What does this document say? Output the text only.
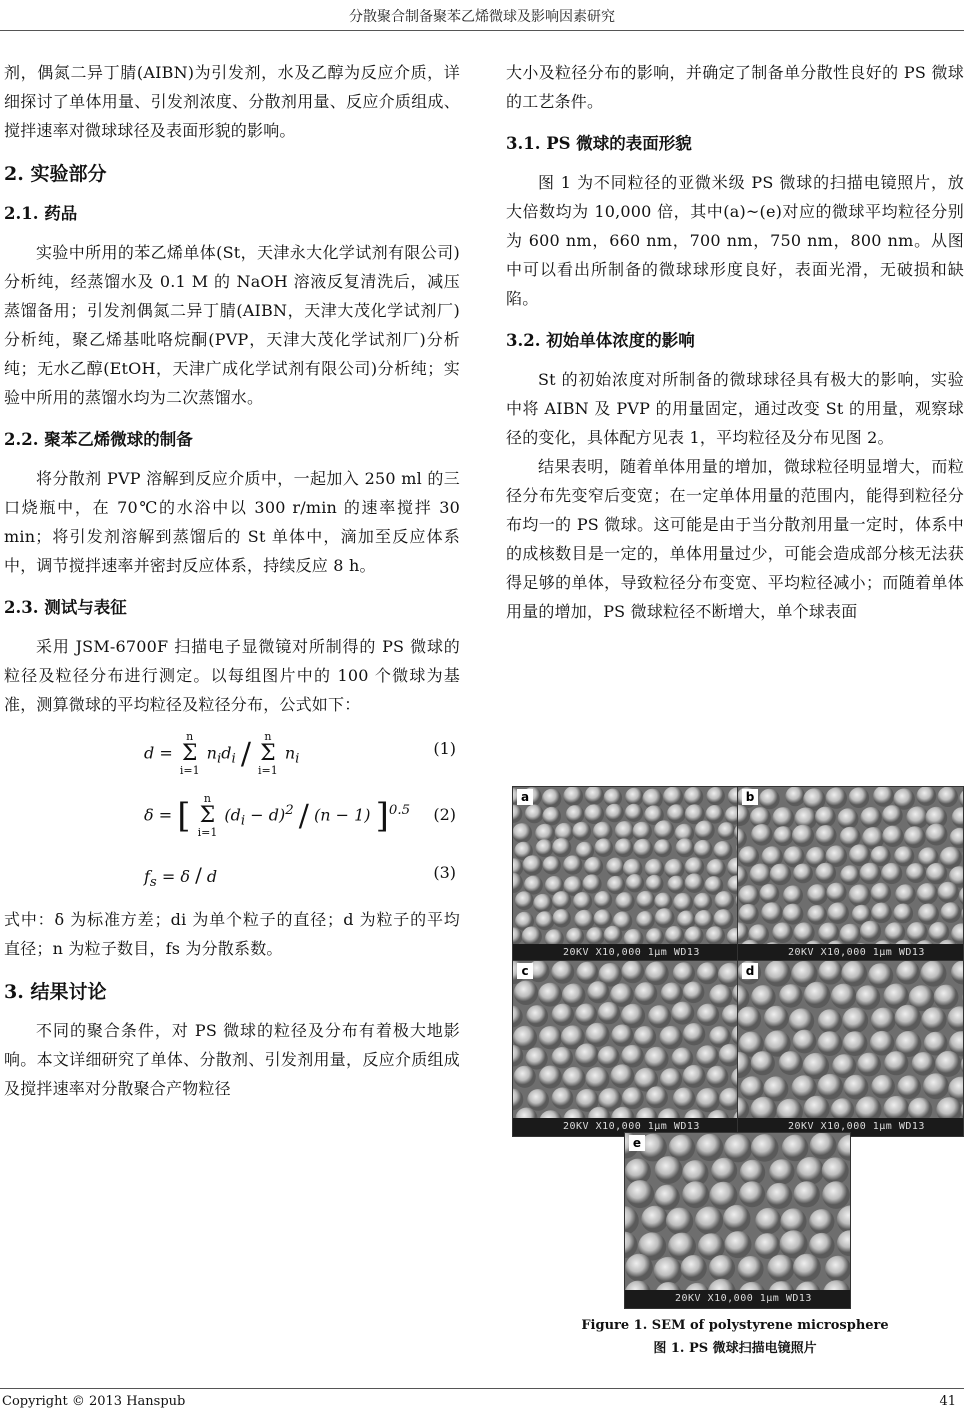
分散聚合制备聚苯乙烯微球及影响因素研究

剂，偶氮二异丁腈(AIBN)为引发剂，水及乙醇为反应介质，详细探讨了单体用量、引发剂浓度、分散剂用量、反应介质组成、搅拌速率对微球球径及表面形貌的影响。

2. 实验部分
2.1. 药品

实验中所用的苯乙烯单体(St，天津永大化学试剂有限公司)分析纯，经蒸馏水及 0.1 M 的 NaOH 溶液反复清洗后，减压蒸馏备用；引发剂偶氮二异丁腈(AIBN，天津大茂化学试剂厂)分析纯，聚乙烯基吡咯烷酮(PVP，天津大茂化学试剂厂)分析纯；无水乙醇(EtOH，天津广成化学试剂有限公司)分析纯；实验中所用的蒸馏水均为二次蒸馏水。

2.2. 聚苯乙烯微球的制备

将分散剂 PVP 溶解到反应介质中，一起加入 250 ml 的三口烧瓶中，在 70℃的水浴中以 300 r/min 的速率搅拌 30 min；将引发剂溶解到蒸馏后的 St 单体中，滴加至反应体系中，调节搅拌速率并密封反应体系，持续反应 8 h。

2.3. 测试与表征

采用 JSM-6700F 扫描电子显微镜对所制得的 PS 微球的粒径及粒径分布进行测定。以每组图片中的 100 个微球为基准，测算微球的平均粒径及粒径分布，公式如下：

d = n
Σ
i=1 $n_id_i$ / n
Σ
i=1 $n_i$
(1)
δ = [ n
Σ
i=1 $(d_i - d)^2 / (n - 1)$ ]$^{0.5}$ (2)
$f_s = \delta / d$	(3)

式中：δ 为标准方差；di 为单个粒子的直径；d 为粒子的平均直径；n 为粒子数目，fs 为分散系数。

3. 结果讨论

不同的聚合条件，对 PS 微球的粒径及分布有着极大地影响。本文详细研究了单体、分散剂、引发剂用量，反应介质组成及搅拌速率对分散聚合产物粒径

大小及粒径分布的影响，并确定了制备单分散性良好的 PS 微球的工艺条件。

3.1. PS 微球的表面形貌

图 1 为不同粒径的亚微米级 PS 微球的扫描电镜照片，放大倍数均为 10,000 倍，其中(a)~(e)对应的微球平均粒径分别为 600 nm，660 nm，700 nm，750 nm，800 nm。从图中可以看出所制备的微球球形度良好，表面光滑，无破损和缺陷。

3.2. 初始单体浓度的影响

St 的初始浓度对所制备的微球球径具有极大的影响，实验中将 AIBN 及 PVP 的用量固定，通过改变 St 的用量，观察球径的变化，具体配方见表 1，平均粒径及分布见图 2。

结果表明，随着单体用量的增加，微球粒径明显增大，而粒径分布先变窄后变宽；在一定单体用量的范围内，能得到粒径分布均一的 PS 微球。这可能是由于当分散剂用量一定时，体系中的成核数目是一定的，单体用量过少，可能会造成部分核无法获得足够的单体，导致粒径分布变宽、平均粒径减小；而随着单体用量的增加，PS 微球粒径不断增大，单个球表面

a
20KV X10,000 1μm WD13
b
20KV X10,000 1μm WD13
c
20KV X10,000 1μm WD13
d
20KV X10,000 1μm WD13
e
20KV X10,000 1μm WD13
Figure 1. SEM of polystyrene microsphere
图 1. PS 微球扫描电镜照片
Copyright © 2013 Hanspub	41
